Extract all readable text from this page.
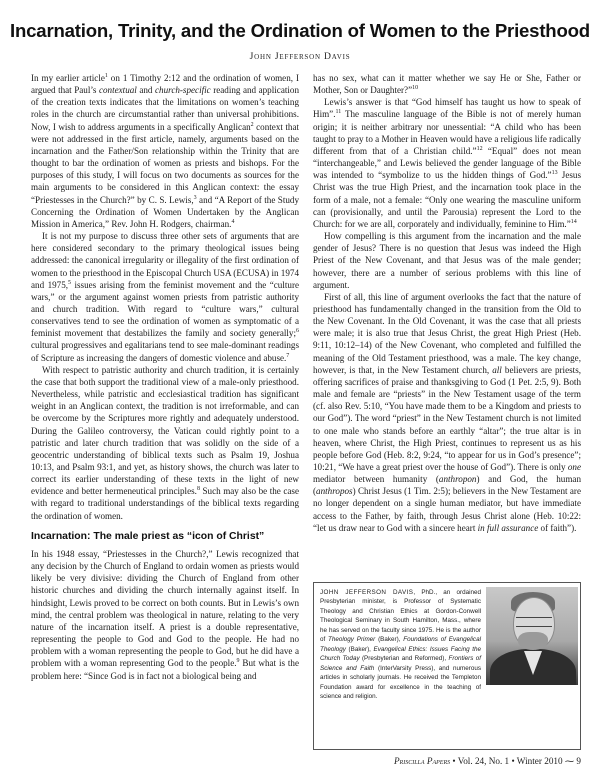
Incarnation, Trinity, and the Ordination of Women to the Priesthood
John Jefferson Davis

In my earlier article$^1$ on 1 Timothy 2:12 and the ordination of women, I argued that Paul’s contextual and church-specific reading and application of the creation texts indicates that the limitations on women’s teaching roles in the church are circumstantial rather than universal prohibitions. Now, I wish to address arguments in a specifically Anglican$^2$ context that were not addressed in the first article, namely, arguments based on the incarnation and the Father/Son relationship within the Trinity that are thought to bar the ordination of women as priests and bishops. For the purposes of this study, I will focus on two documents as sources for the main arguments to be considered in this Anglican context: the essay “Priestesses in the Church?” by C. S. Lewis,$^3$ and “A Report of the Study Concerning the Ordination of Women Undertaken by the Anglican Mission in America,” Rev. John H. Rodgers, chairman.$^4$

It is not my purpose to discuss three other sets of arguments that are here considered secondary to the primary theological issues being addressed: the canonical irregularity or illegality of the first ordination of women to the priesthood in the Episcopal Church USA (ECUSA) in 1974 and 1975,$^5$ issues arising from the feminist movement and the “culture wars,” or the argument against women priests from patristic authority and church tradition. With regard to “culture wars,” cultural conservatives tend to see the ordination of women as symptomatic of a feminist movement that destabilizes the family and society generally;$^6$ cultural progressives and egalitarians tend to see male-dominant readings of Scripture as increasing the dangers of domestic violence and abuse.$^7$

With respect to patristic authority and church tradition, it is certainly the case that both support the traditional view of a male-only priesthood. Nevertheless, while patristic and ecclesiastical tradition has significant weight in an Anglican context, the tradition is not irreformable, and can be overcome by the Scriptures more rightly and adequately understood. During the Galileo controversy, the Vatican could rightly point to a patristic and later church tradition that was solidly on the side of a geocentric understanding of biblical texts such as Psalm 19, Joshua 10:13, and Psalm 93:1, and yet, as history shows, the church was later to correct its earlier understanding of these texts in the light of new evidence and better hermeneutical principles.$^8$ Such may also be the case with regard to traditional understandings of the biblical texts regarding the ordination of women.

Incarnation: The male priest as “icon of Christ”

In his 1948 essay, “Priestesses in the Church?,” Lewis recognized that any decision by the Church of England to ordain women as priests would likely be very divisive: dividing the Church of England from other historic churches and dividing the church internally against itself. In hindsight, Lewis proved to be correct on both counts. But in Lewis’s own mind, the central problem was theological in nature, relating to the very nature of the incarnation itself. A priest is a double representative, representing the people to God and God to the people. He had no problem with a woman representing the people to God, but he did have a problem with a woman representing God to the people.$^9$ But what is the problem here: “Since God is in fact not a biological being and

has no sex, what can it matter whether we say He or She, Father or Mother, Son or Daughter?”$^{10}$

Lewis’s answer is that “God himself has taught us how to speak of Him”.$^{11}$ The masculine language of the Bible is not of merely human origin; it is neither arbitrary nor unessential: “A child who has been taught to pray to a Mother in Heaven would have a religious life radically different from that of a Christian child.”$^{12}$ “Equal” does not mean “interchangeable,” and Lewis believed the gender language of the Bible was intended to “symbolize to us the hidden things of God.”$^{13}$ Jesus Christ was the true High Priest, and the incarnation took place in the form of a male, not a female: “Only one wearing the masculine uniform can (provisionally, and until the Parousia) represent the Lord to the Church: for we are all, corporately and individually, feminine to Him.”$^{14}$

How compelling is this argument from the incarnation and the male gender of Jesus? There is no question that Jesus was indeed the High Priest of the New Covenant, and that Jesus was of the male gender; however, there are a number of serious problems with this line of argument.

First of all, this line of argument overlooks the fact that the nature of priesthood has fundamentally changed in the transition from the Old to the New Covenant. In the Old Covenant, it was the case that all priests were male; it is also true that Jesus Christ, the great High Priest (Heb. 9:11, 10:12–14) of the New Covenant, who completed and fulfilled the meaning of the Old Testament priesthood, was a male. The key change, however, is that, in the New Testament church, all believers are priests, offering sacrifices of praise and thanksgiving to God (1 Pet. 2:5, 9). Both male and female are “priests” in the New Testament usage of the term (cf. also Rev. 5:10, “You have made them to be a Kingdom and priests to our God”). The word “priest” in the New Testament church is not limited to one male who stands before an earthly “altar”; the true altar is in heaven, where Christ, the High Priest, continues to represent us as his people before God (Heb. 8:2, 9:24, “to appear for us in God’s presence”; 10:21, “We have a great priest over the house of God”). There is only one mediator between humanity (anthropon) and God, the human (anthropos) Christ Jesus (1 Tim. 2:5); believers in the New Testament are no longer dependent on a single human mediator, but have immediate access to the Father, by faith, through Jesus Christ alone (Heb. 10:22: “let us draw near to God with a sincere heart in full assurance of faith”).

JOHN JEFFERSON DAVIS, PhD., an ordained Presbyterian minister, is Professor of Systematic Theology and Christian Ethics at Gordon-Conwell Theological Seminary in South Hamilton, Mass., where he has served on the faculty since 1975. He is the author of Theology Primer (Baker), Foundations of Evangelical Theology (Baker), Evangelical Ethics: Issues Facing the Church Today (Presbyterian and Reformed), Frontiers of Science and Faith (InterVarsity Press), and numerous articles in scholarly journals. He received the Templeton Foundation award for excellence in the teaching of science and religion.
Priscilla Papers • Vol. 24, No. 1 • Winter 2010 ⁓ 9
